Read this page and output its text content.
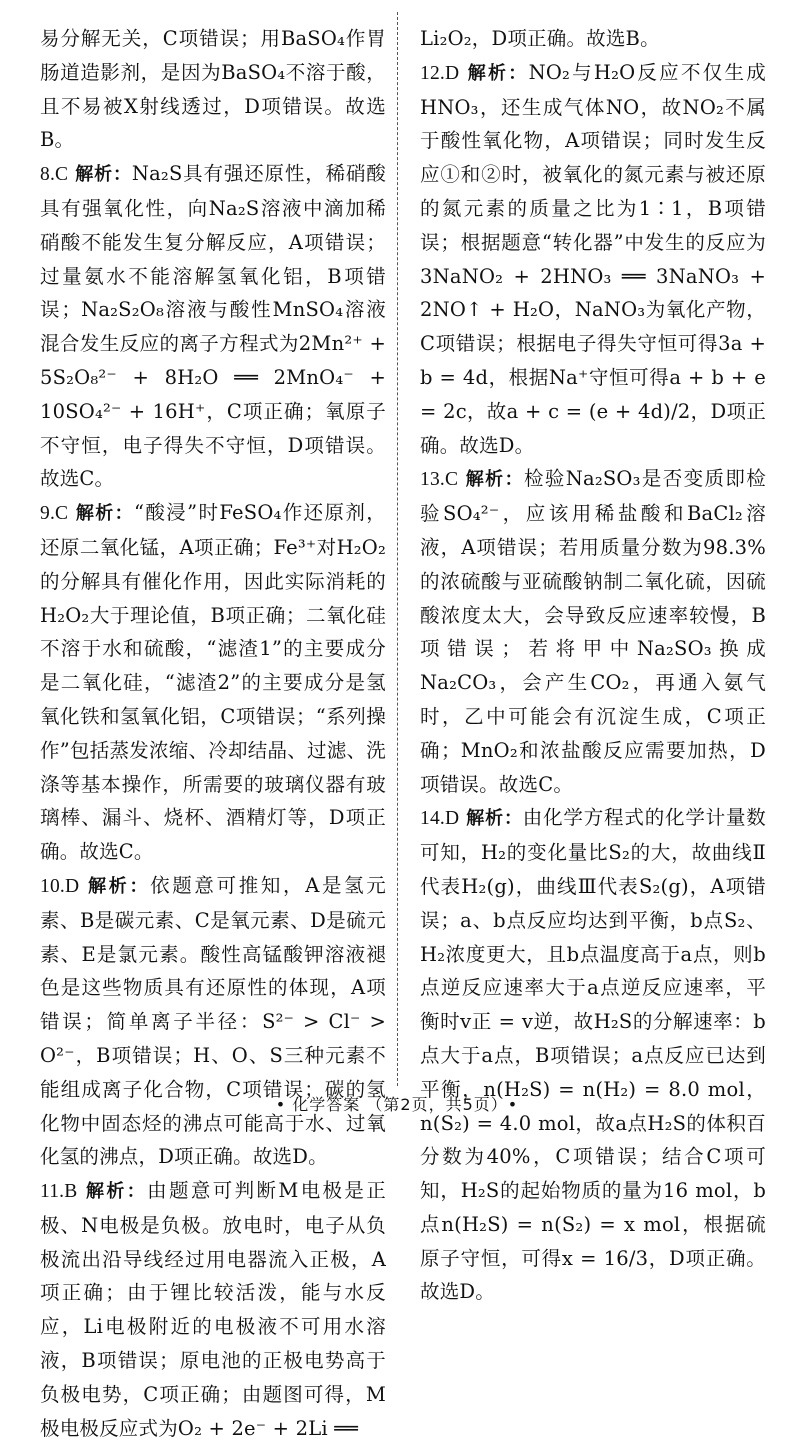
易分解无关，C项错误；用BaSO₄作胃肠道造影剂，是因为BaSO₄不溶于酸，且不易被X射线透过，D项错误。故选B。

8.C 解析：Na₂S具有强还原性，稀硝酸具有强氧化性，向Na₂S溶液中滴加稀硝酸不能发生复分解反应，A项错误；过量氨水不能溶解氢氧化铝，B项错误；Na₂S₂O₈溶液与酸性MnSO₄溶液混合发生反应的离子方程式为2Mn²⁺ + 5S₂O₈²⁻ + 8H₂O ══ 2MnO₄⁻ + 10SO₄²⁻ + 16H⁺，C项正确；氧原子不守恒，电子得失不守恒，D项错误。故选C。

9.C 解析：“酸浸”时FeSO₄作还原剂，还原二氧化锰，A项正确；Fe³⁺对H₂O₂的分解具有催化作用，因此实际消耗的H₂O₂大于理论值，B项正确；二氧化硅不溶于水和硫酸，“滤渣1”的主要成分是二氧化硅，“滤渣2”的主要成分是氢氧化铁和氢氧化铝，C项错误；“系列操作”包括蒸发浓缩、冷却结晶、过滤、洗涤等基本操作，所需要的玻璃仪器有玻璃棒、漏斗、烧杯、酒精灯等，D项正确。故选C。

10.D 解析：依题意可推知，A是氢元素、B是碳元素、C是氧元素、D是硫元素、E是氯元素。酸性高锰酸钾溶液褪色是这些物质具有还原性的体现，A项错误；简单离子半径：S²⁻ > Cl⁻ > O²⁻，B项错误；H、O、S三种元素不能组成离子化合物，C项错误；碳的氢化物中固态烃的沸点可能高于水、过氧化氢的沸点，D项正确。故选D。

11.B 解析：由题意可判断M电极是正极、N电极是负极。放电时，电子从负极流出沿导线经过用电器流入正极，A项正确；由于锂比较活泼，能与水反应，Li电极附近的电极液不可用水溶液，B项错误；原电池的正极电势高于负极电势，C项正确；由题图可得，M极电极反应式为O₂ + 2e⁻ + 2Li ══

Li₂O₂，D项正确。故选B。

12.D 解析：NO₂与H₂O反应不仅生成HNO₃，还生成气体NO，故NO₂不属于酸性氧化物，A项错误；同时发生反应①和②时，被氧化的氮元素与被还原的氮元素的质量之比为1∶1，B项错误；根据题意“转化器”中发生的反应为 3NaNO₂ + 2HNO₃ ══ 3NaNO₃ + 2NO↑ + H₂O，NaNO₃为氧化产物，C项错误；根据电子得失守恒可得3a + b = 4d，根据Na⁺守恒可得a + b + e = 2c，故a + c = (e + 4d)/2，D项正确。故选D。

13.C 解析：检验Na₂SO₃是否变质即检验SO₄²⁻，应该用稀盐酸和BaCl₂溶液，A项错误；若用质量分数为98.3%的浓硫酸与亚硫酸钠制二氧化硫，因硫酸浓度太大，会导致反应速率较慢，B项错误；若将甲中Na₂SO₃换成Na₂CO₃，会产生CO₂，再通入氨气时，乙中可能会有沉淀生成，C项正确；MnO₂和浓盐酸反应需要加热，D项错误。故选C。

14.D 解析：由化学方程式的化学计量数可知，H₂的变化量比S₂的大，故曲线Ⅱ代表H₂(g)，曲线Ⅲ代表S₂(g)，A项错误；a、b点反应均达到平衡，b点S₂、H₂浓度更大，且b点温度高于a点，则b点逆反应速率大于a点逆反应速率，平衡时v正 = v逆，故H₂S的分解速率：b点大于a点，B项错误；a点反应已达到平衡，n(H₂S) = n(H₂) = 8.0 mol，n(S₂) = 4.0 mol，故a点H₂S的体积百分数为40%，C项错误；结合C项可知，H₂S的起始物质的量为16 mol，b点n(H₂S) = n(S₂) = x mol，根据硫原子守恒，可得x = 16/3，D项正确。故选D。

• 化学答案 （第2页，共5页）•
